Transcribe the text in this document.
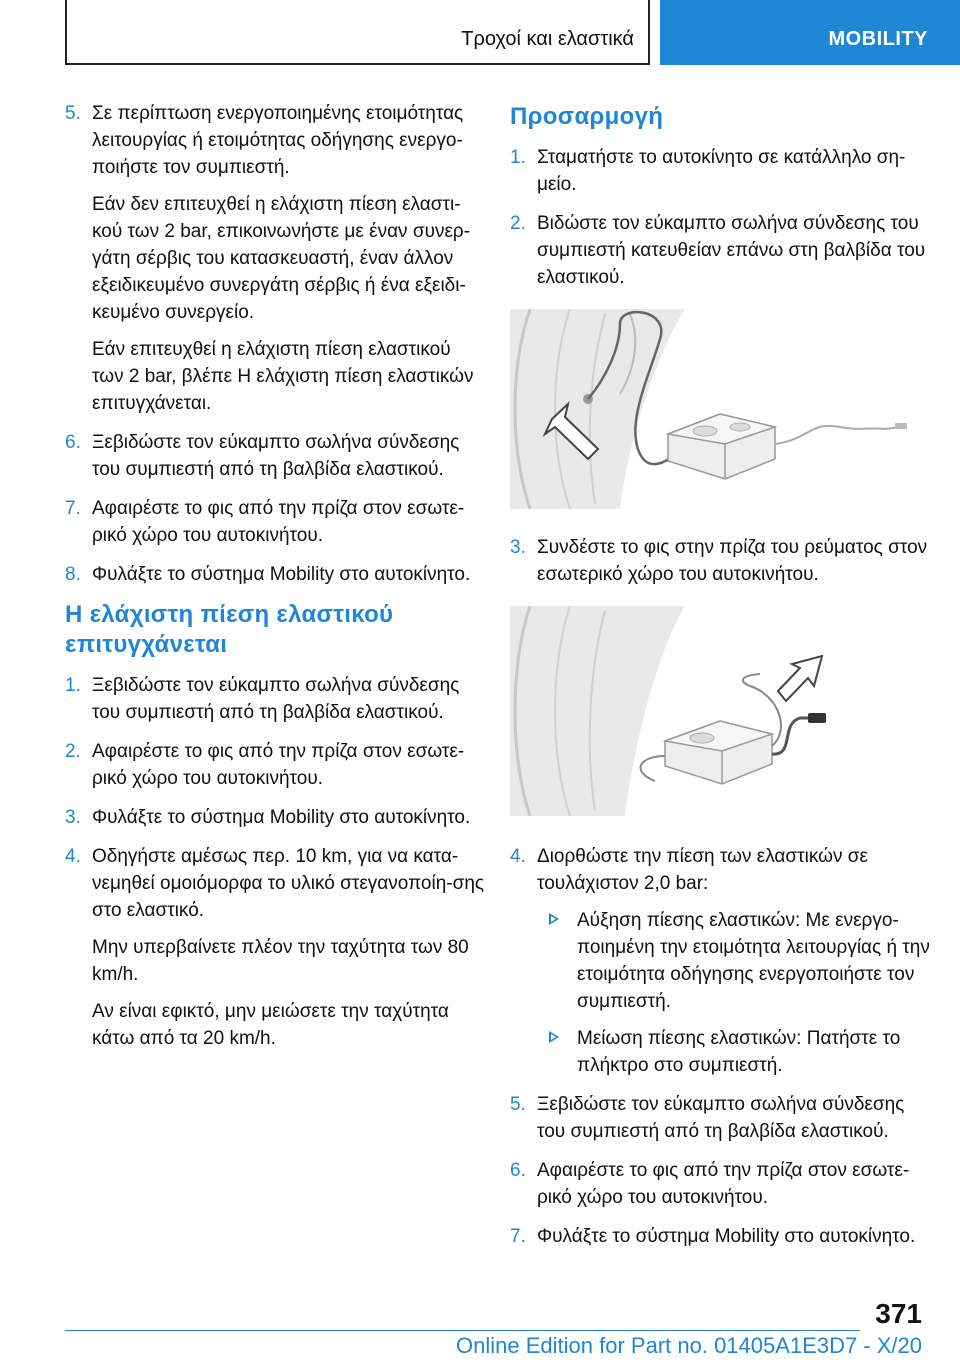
Τροχοί και ελαστικά	MOBILITY
5. Σε περίπτωση ενεργοποιημένης ετοιμότητας λειτουργίας ή ετοιμότητας οδήγησης ενεργο-ποιήστε τον συμπιεστή.

Εάν δεν επιτευχθεί η ελάχιστη πίεση ελαστι-κού των 2 bar, επικοινωνήστε με έναν συνερ-γάτη σέρβις του κατασκευαστή, έναν άλλον εξειδικευμένο συνεργάτη σέρβις ή ένα εξειδι-κευμένο συνεργείο.

Εάν επιτευχθεί η ελάχιστη πίεση ελαστικού των 2 bar, βλέπε Η ελάχιστη πίεση ελαστικών επιτυγχάνεται.

6. Ξεβιδώστε τον εύκαμπτο σωλήνα σύνδεσης του συμπιεστή από τη βαλβίδα ελαστικού.

7. Αφαιρέστε το φις από την πρίζα στον εσωτε-ρικό χώρο του αυτοκινήτου.

8. Φυλάξτε το σύστημα Mobility στο αυτοκίνητο.

Η ελάχιστη πίεση ελαστικού επιτυγχάνεται
1. Ξεβιδώστε τον εύκαμπτο σωλήνα σύνδεσης του συμπιεστή από τη βαλβίδα ελαστικού.

2. Αφαιρέστε το φις από την πρίζα στον εσωτε-ρικό χώρο του αυτοκινήτου.

3. Φυλάξτε το σύστημα Mobility στο αυτοκίνητο.

4. Οδηγήστε αμέσως περ. 10 km, για να κατα-νεμηθεί ομοιόμορφα το υλικό στεγανοποίη-σης στο ελαστικό.

Μην υπερβαίνετε πλέον την ταχύτητα των 80 km/h.

Αν είναι εφικτό, μην μειώσετε την ταχύτητα κάτω από τα 20 km/h.

Προσαρμογή
1. Σταματήστε το αυτοκίνητο σε κατάλληλο ση-μείο.

2. Βιδώστε τον εύκαμπτο σωλήνα σύνδεσης του συμπιεστή κατευθείαν επάνω στη βαλβίδα του ελαστικού.

3. Συνδέστε το φις στην πρίζα του ρεύματος στον εσωτερικό χώρο του αυτοκινήτου.

4. Διορθώστε την πίεση των ελαστικών σε τουλάχιστον 2,0 bar:

Αύξηση πίεσης ελαστικών: Με ενεργο-ποιημένη την ετοιμότητα λειτουργίας ή την ετοιμότητα οδήγησης ενεργοποιήστε τον συμπιεστή.

Μείωση πίεσης ελαστικών: Πατήστε το πλήκτρο στο συμπιεστή.

5. Ξεβιδώστε τον εύκαμπτο σωλήνα σύνδεσης του συμπιεστή από τη βαλβίδα ελαστικού.

6. Αφαιρέστε το φις από την πρίζα στον εσωτε-ρικό χώρο του αυτοκινήτου.

7. Φυλάξτε το σύστημα Mobility στο αυτοκίνητο.

371
Online Edition for Part no. 01405A1E3D7 - X/20
